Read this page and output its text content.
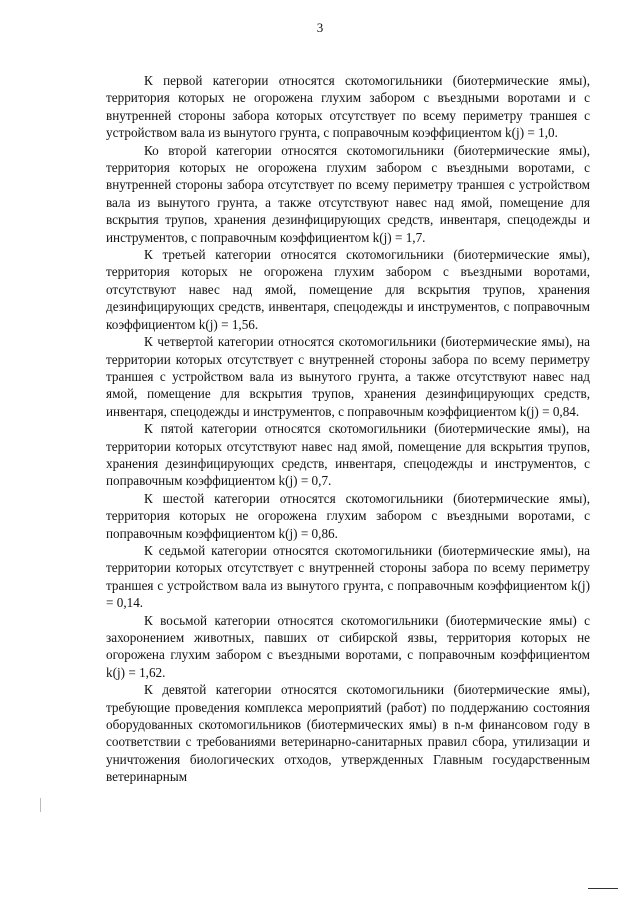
3

К первой категории относятся скотомогильники (биотермические ямы), территория которых не огорожена глухим забором с въездными воротами и с внутренней стороны забора которых отсутствует по всему периметру траншея с устройством вала из вынутого грунта, с поправочным коэффициентом k(j) = 1,0.

Ко второй категории относятся скотомогильники (биотермические ямы), территория которых не огорожена глухим забором с въездными воротами, с внутренней стороны забора отсутствует по всему периметру траншея с устройством вала из вынутого грунта, а также отсутствуют навес над ямой, помещение для вскрытия трупов, хранения дезинфицирующих средств, инвентаря, спецодежды и инструментов, с поправочным коэффициентом k(j) = 1,7.

К третьей категории относятся скотомогильники (биотермические ямы), территория которых не огорожена глухим забором с въездными воротами, отсутствуют навес над ямой, помещение для вскрытия трупов, хранения дезинфицирующих средств, инвентаря, спецодежды и инструментов, с поправочным коэффициентом k(j) = 1,56.

К четвертой категории относятся скотомогильники (биотермические ямы), на территории которых отсутствует с внутренней стороны забора по всему периметру траншея с устройством вала из вынутого грунта, а также отсутствуют навес над ямой, помещение для вскрытия трупов, хранения дезинфицирующих средств, инвентаря, спецодежды и инструментов, с поправочным коэффициентом k(j) = 0,84.

К пятой категории относятся скотомогильники (биотермические ямы), на территории которых отсутствуют навес над ямой, помещение для вскрытия трупов, хранения дезинфицирующих средств, инвентаря, спецодежды и инструментов, с поправочным коэффициентом k(j) = 0,7.

К шестой категории относятся скотомогильники (биотермические ямы), территория которых не огорожена глухим забором с въездными воротами, с поправочным коэффициентом k(j) = 0,86.

К седьмой категории относятся скотомогильники (биотермические ямы), на территории которых отсутствует с внутренней стороны забора по всему периметру траншея с устройством вала из вынутого грунта, с поправочным коэффициентом k(j) = 0,14.

К восьмой категории относятся скотомогильники (биотермические ямы) с захоронением животных, павших от сибирской язвы, территория которых не огорожена глухим забором с въездными воротами, с поправочным коэффициентом k(j) = 1,62.

К девятой категории относятся скотомогильники (биотермические ямы), требующие проведения комплекса мероприятий (работ) по поддержанию состояния оборудованных скотомогильников (биотермических ямы) в n-м финансовом году в соответствии с требованиями ветеринарно-санитарных правил сбора, утилизации и уничтожения биологических отходов, утвержденных Главным государственным ветеринарным
